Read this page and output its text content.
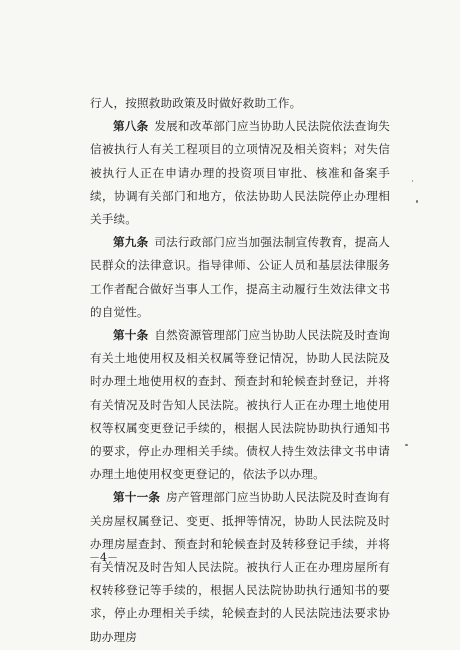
行人，按照救助政策及时做好救助工作。

第八条 发展和改革部门应当协助人民法院依法查询失信被执行人有关工程项目的立项情况及相关资料；对失信被执行人正在申请办理的投资项目审批、核准和备案手续，协调有关部门和地方，依法协助人民法院停止办理相关手续。

第九条 司法行政部门应当加强法制宣传教育，提高人民群众的法律意识。指导律师、公证人员和基层法律服务工作者配合做好当事人工作，提高主动履行生效法律文书的自觉性。

第十条 自然资源管理部门应当协助人民法院及时查询有关土地使用权及相关权属等登记情况，协助人民法院及时办理土地使用权的查封、预查封和轮候查封登记，并将有关情况及时告知人民法院。被执行人正在办理土地使用权等权属变更登记手续的，根据人民法院协助执行通知书的要求，停止办理相关手续。债权人持生效法律文书申请办理土地使用权变更登记的，依法予以办理。

第十一条 房产管理部门应当协助人民法院及时查询有关房屋权属登记、变更、抵押等情况，协助人民法院及时办理房屋查封、预查封和轮候查封及转移登记手续，并将有关情况及时告知人民法院。被执行人正在办理房屋所有权转移登记等手续的，根据人民法院协助执行通知书的要求，停止办理相关手续，轮候查封的人民法院违法要求协助办理房

－4－
